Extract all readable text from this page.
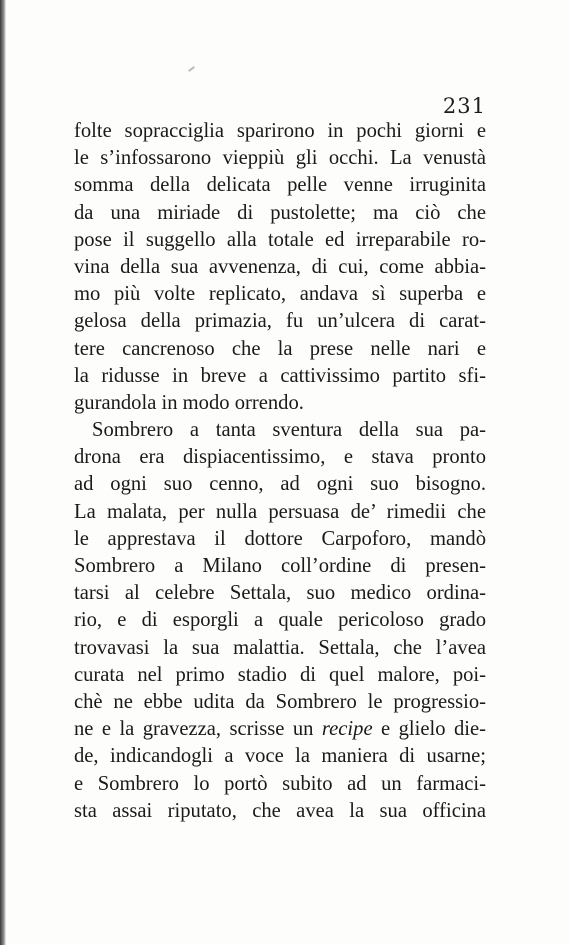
231
folte sopracciglia sparirono in pochi giorni e
le s’infossarono vieppiù gli occhi. La venustà
somma della delicata pelle venne irruginita
da una miriade di pustolette; ma ciò che
pose il suggello alla totale ed irreparabile ro-
vina della sua avvenenza, di cui, come abbia-
mo più volte replicato, andava sì superba e
gelosa della primazia, fu un’ulcera di carat-
tere cancrenoso che la prese nelle nari e
la ridusse in breve a cattivissimo partito sfi-
gurandola in modo orrendo.
Sombrero a tanta sventura della sua pa-
drona era dispiacentissimo, e stava pronto
ad ogni suo cenno, ad ogni suo bisogno.
La malata, per nulla persuasa de’ rimedii che
le apprestava il dottore Carpoforo, mandò
Sombrero a Milano coll’ordine di presen-
tarsi al celebre Settala, suo medico ordina-
rio, e di esporgli a quale pericoloso grado
trovavasi la sua malattia. Settala, che l’avea
curata nel primo stadio di quel malore, poi-
chè ne ebbe udita da Sombrero le progressio-
ne e la gravezza, scrisse un recipe e glielo die-
de, indicandogli a voce la maniera di usarne;
e Sombrero lo portò subito ad un farmaci-
sta assai riputato, che avea la sua officina
